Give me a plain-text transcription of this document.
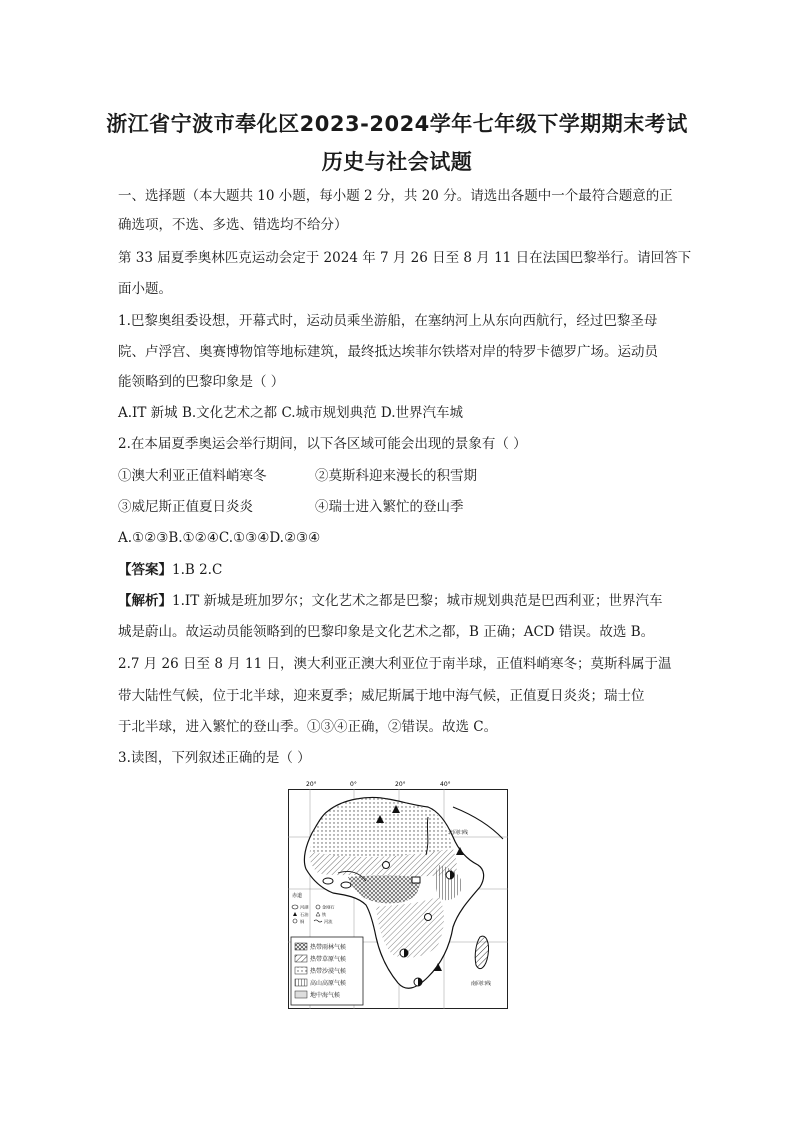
浙江省宁波市奉化区2023-2024学年七年级下学期期末考试
历史与社会试题
一、选择题（本大题共 10 小题，每小题 2 分，共 20 分。请选出各题中一个最符合题意的正
确选项，不选、多选、错选均不给分）
第 33 届夏季奥林匹克运动会定于 2024 年 7 月 26 日至 8 月 11 日在法国巴黎举行。请回答下
面小题。
1.巴黎奥组委设想，开幕式时，运动员乘坐游船，在塞纳河上从东向西航行，经过巴黎圣母
院、卢浮宫、奥赛博物馆等地标建筑，最终抵达埃菲尔铁塔对岸的特罗卡德罗广场。运动员
能领略到的巴黎印象是（ ）
A.IT 新城 B.文化艺术之都 C.城市规划典范 D.世界汽车城
2.在本届夏季奥运会举行期间，以下各区域可能会出现的景象有（ ）
①澳大利亚正值料峭寒冬	②莫斯科迎来漫长的积雪期
③威尼斯正值夏日炎炎	④瑞士进入繁忙的登山季
A.①②③B.①②④C.①③④D.②③④
【答案】1.B 2.C
【解析】1.IT 新城是班加罗尔；文化艺术之都是巴黎；城市规划典范是巴西利亚；世界汽车
城是蔚山。故运动员能领略到的巴黎印象是文化艺术之都，B 正确；ACD 错误。故选 B。
2.7 月 26 日至 8 月 11 日，澳大利亚正澳大利亚位于南半球，正值料峭寒冬；莫斯科属于温
带大陆性气候，位于北半球，迎来夏季；威尼斯属于地中海气候，正值夏日炎炎；瑞士位
于北半球，进入繁忙的登山季。①③④正确，②错误。故选 C。
3.读图，下列叙述正确的是（ ）
20°	0°	20°	40°
北回归线
南回归线
赤道
河湖	金刚石
石油	铁
铜	河流
热带雨林气候
热带草原气候
热带沙漠气候
高山高原气候
地中海气候
